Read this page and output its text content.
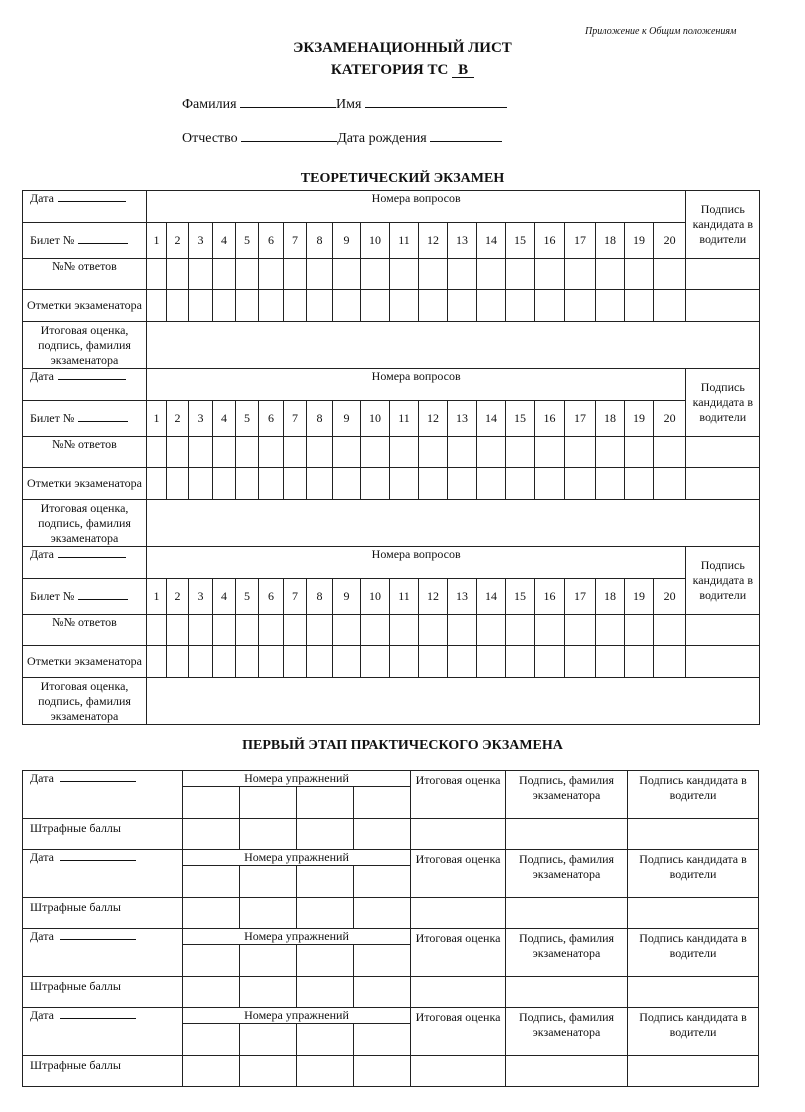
Приложение к Общим положениям
ЭКЗАМЕНАЦИОННЫЙ ЛИСТ
КАТЕГОРИЯ ТС В
Фамилия	Имя
Отчество	Дата рождения
ТЕОРЕТИЧЕСКИЙ ЭКЗАМЕН
Дата	Номера вопросов																				Подпись кандидата в водители
Билет №	1	2	3	4	5	6	7	8	9	10	11	12	13	14	15	16	17	18	19	20	
№№ ответов																					
Отметки экзаменатора																					
Итоговая оценка, подпись, фамилия экзаменатора																					
Дата	Номера вопросов																				Подпись кандидата в водители
Билет №	1	2	3	4	5	6	7	8	9	10	11	12	13	14	15	16	17	18	19	20	
№№ ответов																					
Отметки экзаменатора																					
Итоговая оценка, подпись, фамилия экзаменатора																					
Дата	Номера вопросов																				Подпись кандидата в водители
Билет №	1	2	3	4	5	6	7	8	9	10	11	12	13	14	15	16	17	18	19	20	
№№ ответов																					
Отметки экзаменатора																					
Итоговая оценка, подпись, фамилия экзаменатора																					
ПЕРВЫЙ ЭТАП ПРАКТИЧЕСКОГО ЭКЗАМЕНА
Дата	Номера упражнений				Итоговая оценка	Подпись, фамилия экзаменатора	Подпись кандидата в водители

Штрафные баллы							
Дата	Номера упражнений				Итоговая оценка	Подпись, фамилия экзаменатора	Подпись кандидата в водители

Штрафные баллы							
Дата	Номера упражнений				Итоговая оценка	Подпись, фамилия экзаменатора	Подпись кандидата в водители

Штрафные баллы							
Дата	Номера упражнений				Итоговая оценка	Подпись, фамилия экзаменатора	Подпись кандидата в водители

Штрафные баллы							
